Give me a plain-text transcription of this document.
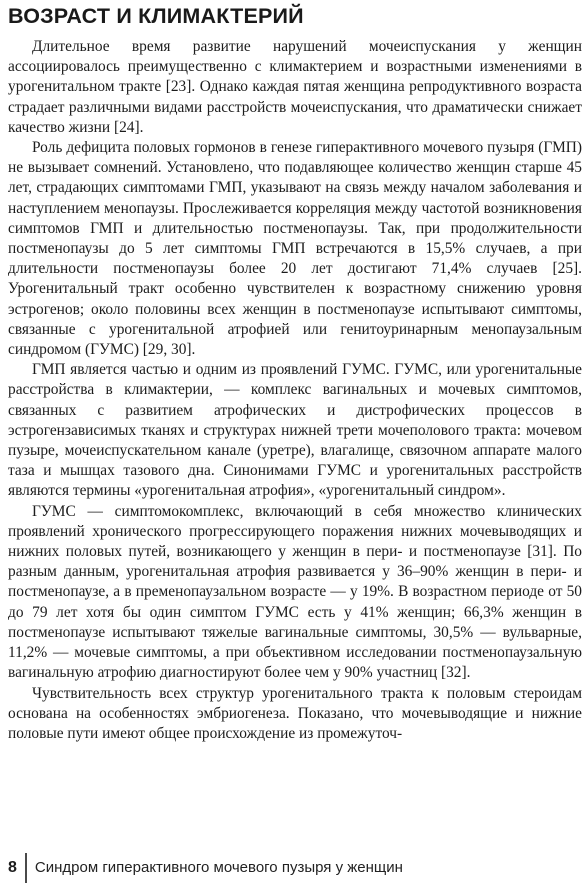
ВОЗРАСТ И КЛИМАКТЕРИЙ

Длительное время развитие нарушений мочеиспускания у женщин ассоциировалось преимущественно с климактерием и возрастными изменениями в урогенитальном тракте [23]. Однако каждая пятая женщина репродуктивного возраста страдает различными видами расстройств мочеиспускания, что драматически снижает качество жизни [24].

Роль дефицита половых гормонов в генезе гиперактивного мочевого пузыря (ГМП) не вызывает сомнений. Установлено, что подавляющее количество женщин старше 45 лет, страдающих симптомами ГМП, указывают на связь между началом заболевания и наступлением менопаузы. Прослеживается корреляция между частотой возникновения симптомов ГМП и длительностью постменопаузы. Так, при продолжительности постменопаузы до 5 лет симптомы ГМП встречаются в 15,5% случаев, а при длительности постменопаузы более 20 лет достигают 71,4% случаев [25]. Урогенитальный тракт особенно чувствителен к возрастному снижению уровня эстрогенов; около половины всех женщин в постменопаузе испытывают симптомы, связанные с урогенитальной атрофией или генитоуринарным менопаузальным синдромом (ГУМС) [29, 30].

ГМП является частью и одним из проявлений ГУМС. ГУМС, или урогенитальные расстройства в климактерии, — комплекс вагинальных и мочевых симптомов, связанных с развитием атрофических и дистрофических процессов в эстрогензависимых тканях и структурах нижней трети мочеполового тракта: мочевом пузыре, мочеиспускательном канале (уретре), влагалище, связочном аппарате малого таза и мышцах тазового дна. Синонимами ГУМС и урогенитальных расстройств являются термины «урогенитальная атрофия», «урогенитальный синдром».

ГУМС — симптомокомплекс, включающий в себя множество клинических проявлений хронического прогрессирующего поражения нижних мочевыводящих и нижних половых путей, возникающего у женщин в пери- и постменопаузе [31]. По разным данным, урогенитальная атрофия развивается у 36–90% женщин в пери- и постменопаузе, а в пременопаузальном возрасте — у 19%. В возрастном периоде от 50 до 79 лет хотя бы один симптом ГУМС есть у 41% женщин; 66,3% женщин в постменопаузе испытывают тяжелые вагинальные симптомы, 30,5% — вульварные, 11,2% — мочевые симптомы, а при объективном исследовании постменопаузальную вагинальную атрофию диагностируют более чем у 90% участниц [32].

Чувствительность всех структур урогенитального тракта к половым стероидам основана на особенностях эмбриогенеза. Показано, что мочевыводящие и нижние половые пути имеют общее происхождение из промежуточ-

8	Синдром гиперактивного мочевого пузыря у женщин
